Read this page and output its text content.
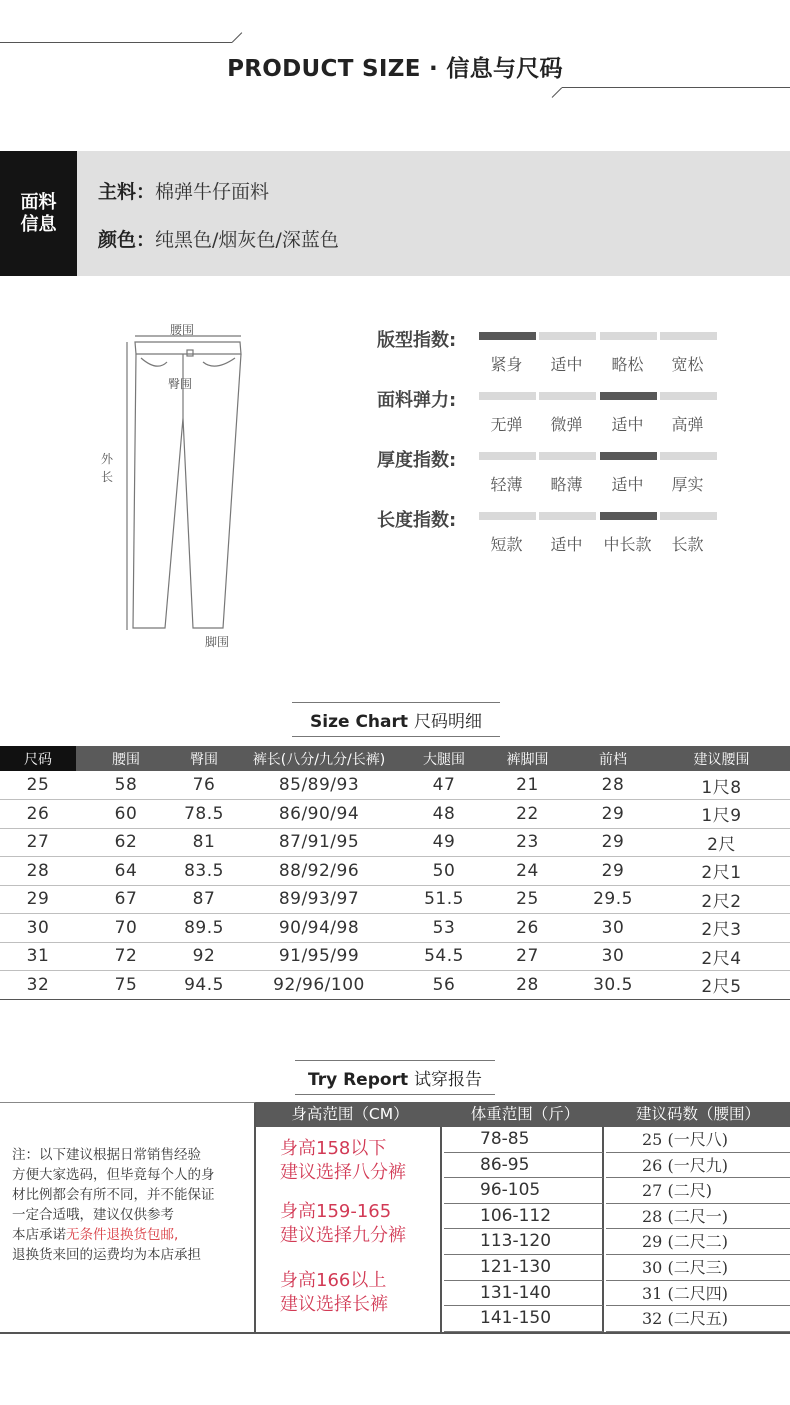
PRODUCT SIZE · 信息与尺码
面料
信息
主料：棉弹牛仔面料
颜色：纯黑色/烟灰色/深蓝色
腰围
臀围
外
长
脚围
版型指数:
紧身	适中	略松	宽松
面料弹力:
无弹	微弹	适中	高弹
厚度指数:
轻薄	略薄	适中	厚实
长度指数:
短款	适中	中长款	长款
Size Chart 尺码明细
尺码	腰围	臀围	裤长(八分/九分/长裤)	大腿围	裤脚围	前档	建议腰围
25	58	76	85/89/93	47	21	28	1尺8
26	60	78.5	86/90/94	48	22	29	1尺9
27	62	81	87/91/95	49	23	29	2尺
28	64	83.5	88/92/96	50	24	29	2尺1
29	67	87	89/93/97	51.5	25	29.5	2尺2
30	70	89.5	90/94/98	53	26	30	2尺3
31	72	92	91/95/99	54.5	27	30	2尺4
32	75	94.5	92/96/100	56	28	30.5	2尺5
Try Report 试穿报告
注：以下建议根据日常销售经验
方便大家选码，但毕竟每个人的身
材比例都会有所不同，并不能保证
一定合适哦，建议仅供参考
本店承诺无条件退换货包邮,
退换货来回的运费均为本店承担
身高范围（CM）	体重范围（斤）	建议码数（腰围）
身高158以下
建议选择八分裤
身高159-165
建议选择九分裤
身高166以上
建议选择长裤
78-85	25 (一尺八)
86-95	26 (一尺九)
96-105	27 (二尺)
106-112	28 (二尺一)
113-120	29 (二尺二)
121-130	30 (二尺三)
131-140	31 (二尺四)
141-150	32 (二尺五)
